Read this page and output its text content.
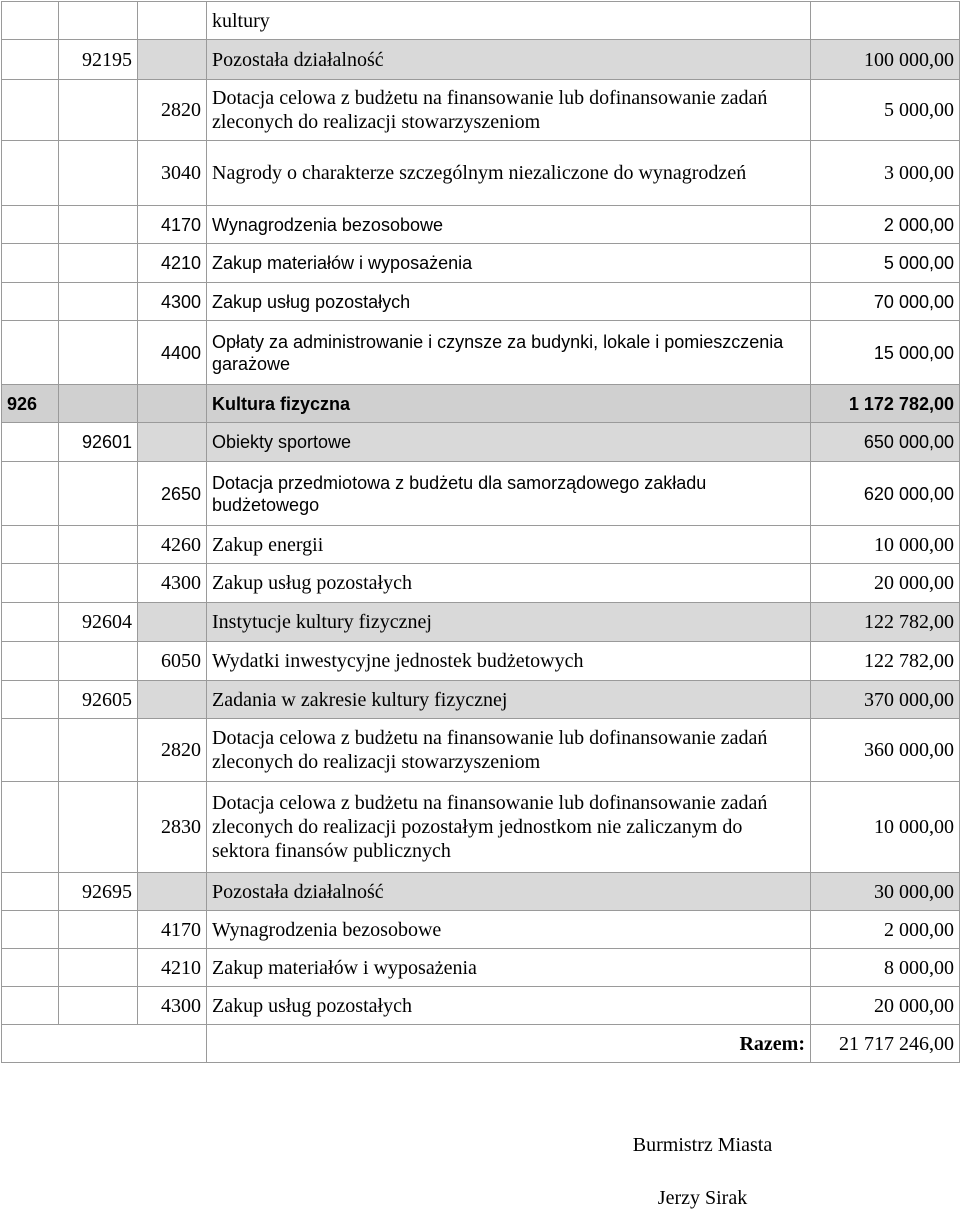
			kultury	
	92195		Pozostała działalność	100 000,00
		2820	Dotacja celowa z budżetu na finansowanie lub dofinansowanie zadań zleconych do realizacji stowarzyszeniom	5 000,00
		3040	Nagrody o charakterze szczególnym niezaliczone do wynagrodzeń	3 000,00
		4170	Wynagrodzenia bezosobowe	2 000,00
		4210	Zakup materiałów i wyposażenia	5 000,00
		4300	Zakup usług pozostałych	70 000,00
		4400	Opłaty za administrowanie i czynsze za budynki, lokale i pomieszczenia garażowe	15 000,00
926			Kultura fizyczna	1 172 782,00
	92601		Obiekty sportowe	650 000,00
		2650	Dotacja przedmiotowa z budżetu dla samorządowego zakładu budżetowego	620 000,00
		4260	Zakup energii	10 000,00
		4300	Zakup usług pozostałych	20 000,00
	92604		Instytucje kultury fizycznej	122 782,00
		6050	Wydatki inwestycyjne jednostek budżetowych	122 782,00
	92605		Zadania w zakresie kultury fizycznej	370 000,00
		2820	Dotacja celowa z budżetu na finansowanie lub dofinansowanie zadań zleconych do realizacji stowarzyszeniom	360 000,00
		2830	Dotacja celowa z budżetu na finansowanie lub dofinansowanie zadań zleconych do realizacji pozostałym jednostkom nie zaliczanym do sektora finansów publicznych	10 000,00
	92695		Pozostała działalność	30 000,00
		4170	Wynagrodzenia bezosobowe	2 000,00
		4210	Zakup materiałów i wyposażenia	8 000,00
		4300	Zakup usług pozostałych	20 000,00
			Razem:	21 717 246,00
Burmistrz Miasta
Jerzy Sirak
